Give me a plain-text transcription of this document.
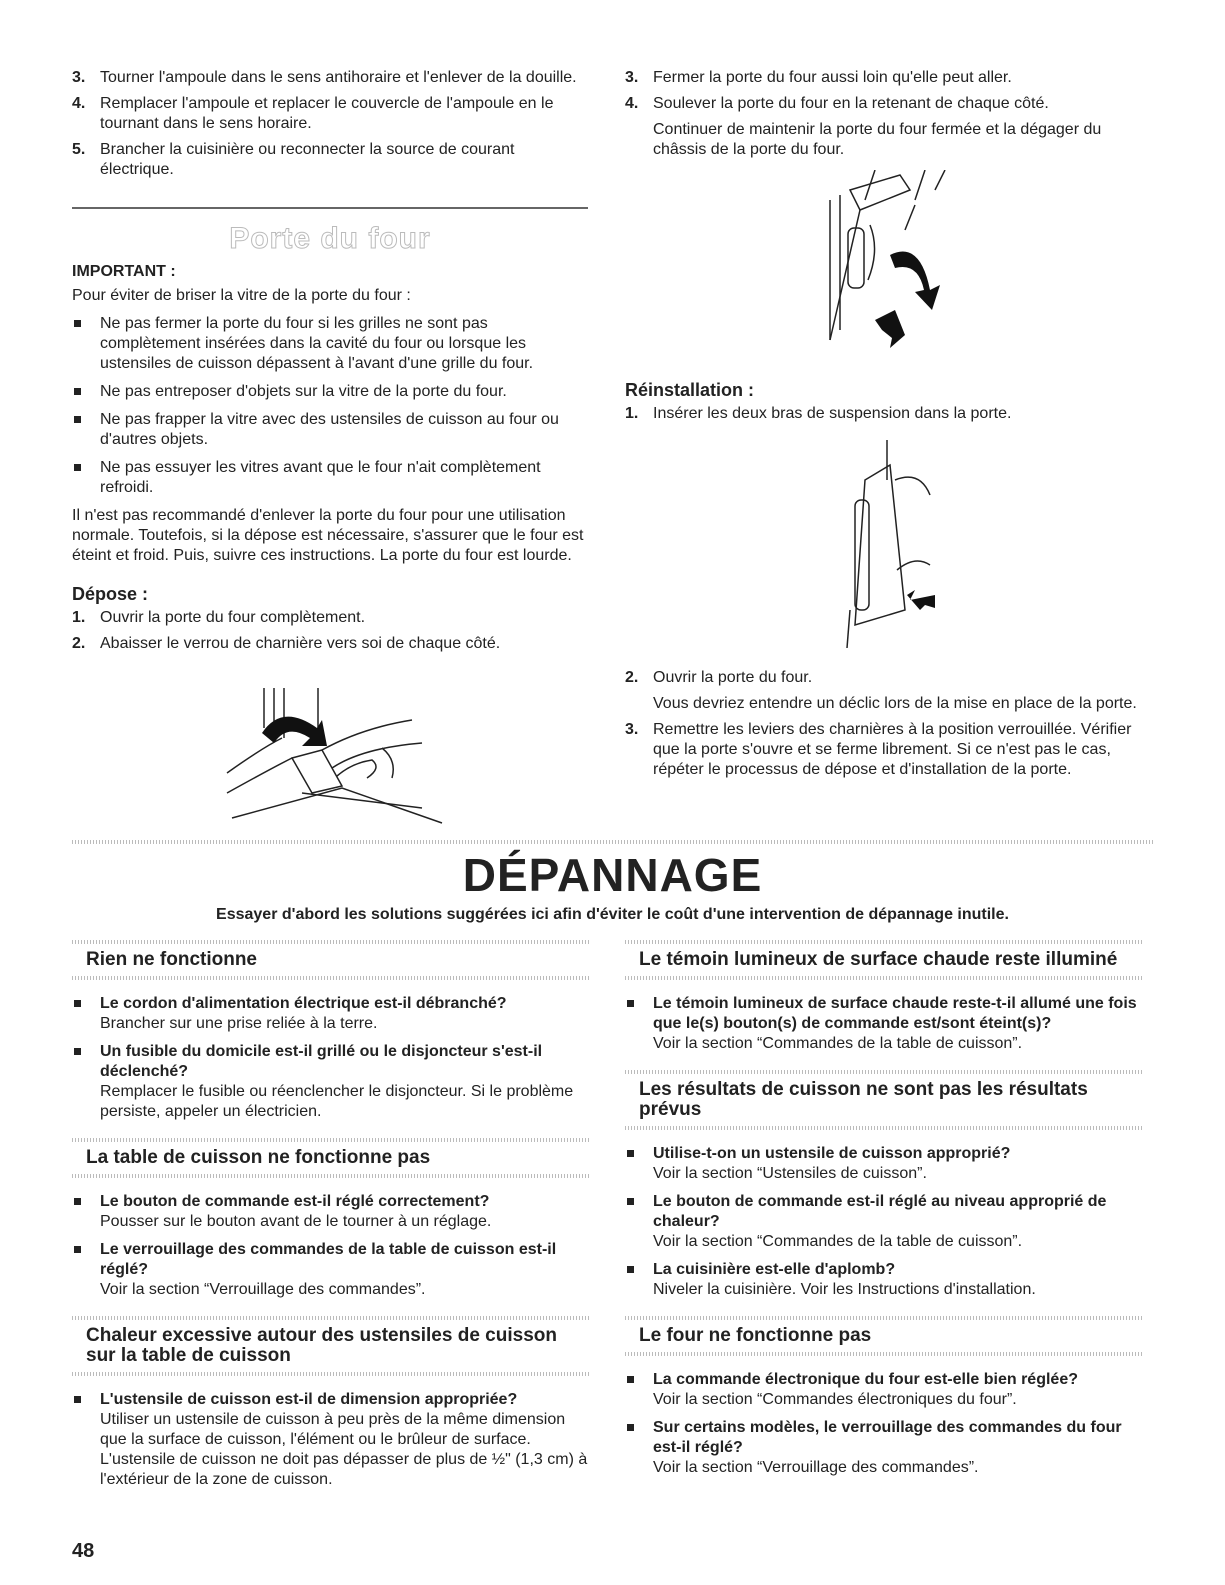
3. Tourner l'ampoule dans le sens antihoraire et l'enlever de la douille.
4. Remplacer l'ampoule et replacer le couvercle de l'ampoule en le tournant dans le sens horaire.
5. Brancher la cuisinière ou reconnecter la source de courant électrique.
Porte du four
IMPORTANT :
Pour éviter de briser la vitre de la porte du four :
Ne pas fermer la porte du four si les grilles ne sont pas complètement insérées dans la cavité du four ou lorsque les ustensiles de cuisson dépassent à l'avant d'une grille du four.
Ne pas entreposer d'objets sur la vitre de la porte du four.
Ne pas frapper la vitre avec des ustensiles de cuisson au four ou d'autres objets.
Ne pas essuyer les vitres avant que le four n'ait complètement refroidi.

Il n'est pas recommandé d'enlever la porte du four pour une utilisation normale. Toutefois, si la dépose est nécessaire, s'assurer que le four est éteint et froid. Puis, suivre ces instructions. La porte du four est lourde.

Dépose :
1. Ouvrir la porte du four complètement.
2. Abaisser le verrou de charnière vers soi de chaque côté.
3. Fermer la porte du four aussi loin qu'elle peut aller.
4. Soulever la porte du four en la retenant de chaque côté.
Continuer de maintenir la porte du four fermée et la dégager du châssis de la porte du four.
Réinstallation :
1. Insérer les deux bras de suspension dans la porte.
2. Ouvrir la porte du four.
Vous devriez entendre un déclic lors de la mise en place de la porte.
3. Remettre les leviers des charnières à la position verrouillée. Vérifier que la porte s'ouvre et se ferme librement. Si ce n'est pas le cas, répéter le processus de dépose et d'installation de la porte.
DÉPANNAGE
Essayer d'abord les solutions suggérées ici afin d'éviter le coût d'une intervention de dépannage inutile.
Rien ne fonctionne
Le cordon d'alimentation électrique est-il débranché?
Brancher sur une prise reliée à la terre.
Un fusible du domicile est-il grillé ou le disjoncteur s'est-il déclenché?
Remplacer le fusible ou réenclencher le disjoncteur. Si le problème persiste, appeler un électricien.
La table de cuisson ne fonctionne pas
Le bouton de commande est-il réglé correctement?
Pousser sur le bouton avant de le tourner à un réglage.
Le verrouillage des commandes de la table de cuisson est-il réglé?
Voir la section “Verrouillage des commandes”.
Chaleur excessive autour des ustensiles de cuisson sur la table de cuisson
L'ustensile de cuisson est-il de dimension appropriée?
Utiliser un ustensile de cuisson à peu près de la même dimension que la surface de cuisson, l'élément ou le brûleur de surface. L'ustensile de cuisson ne doit pas dépasser de plus de ½" (1,3 cm) à l'extérieur de la zone de cuisson.
Le témoin lumineux de surface chaude reste illuminé
Le témoin lumineux de surface chaude reste-t-il allumé une fois que le(s) bouton(s) de commande est/sont éteint(s)?
Voir la section “Commandes de la table de cuisson”.
Les résultats de cuisson ne sont pas les résultats prévus
Utilise-t-on un ustensile de cuisson approprié?
Voir la section “Ustensiles de cuisson”.
Le bouton de commande est-il réglé au niveau approprié de chaleur?
Voir la section “Commandes de la table de cuisson”.
La cuisinière est-elle d'aplomb?
Niveler la cuisinière. Voir les Instructions d'installation.
Le four ne fonctionne pas
La commande électronique du four est-elle bien réglée?
Voir la section “Commandes électroniques du four”.
Sur certains modèles, le verrouillage des commandes du four est-il réglé?
Voir la section “Verrouillage des commandes”.
48
